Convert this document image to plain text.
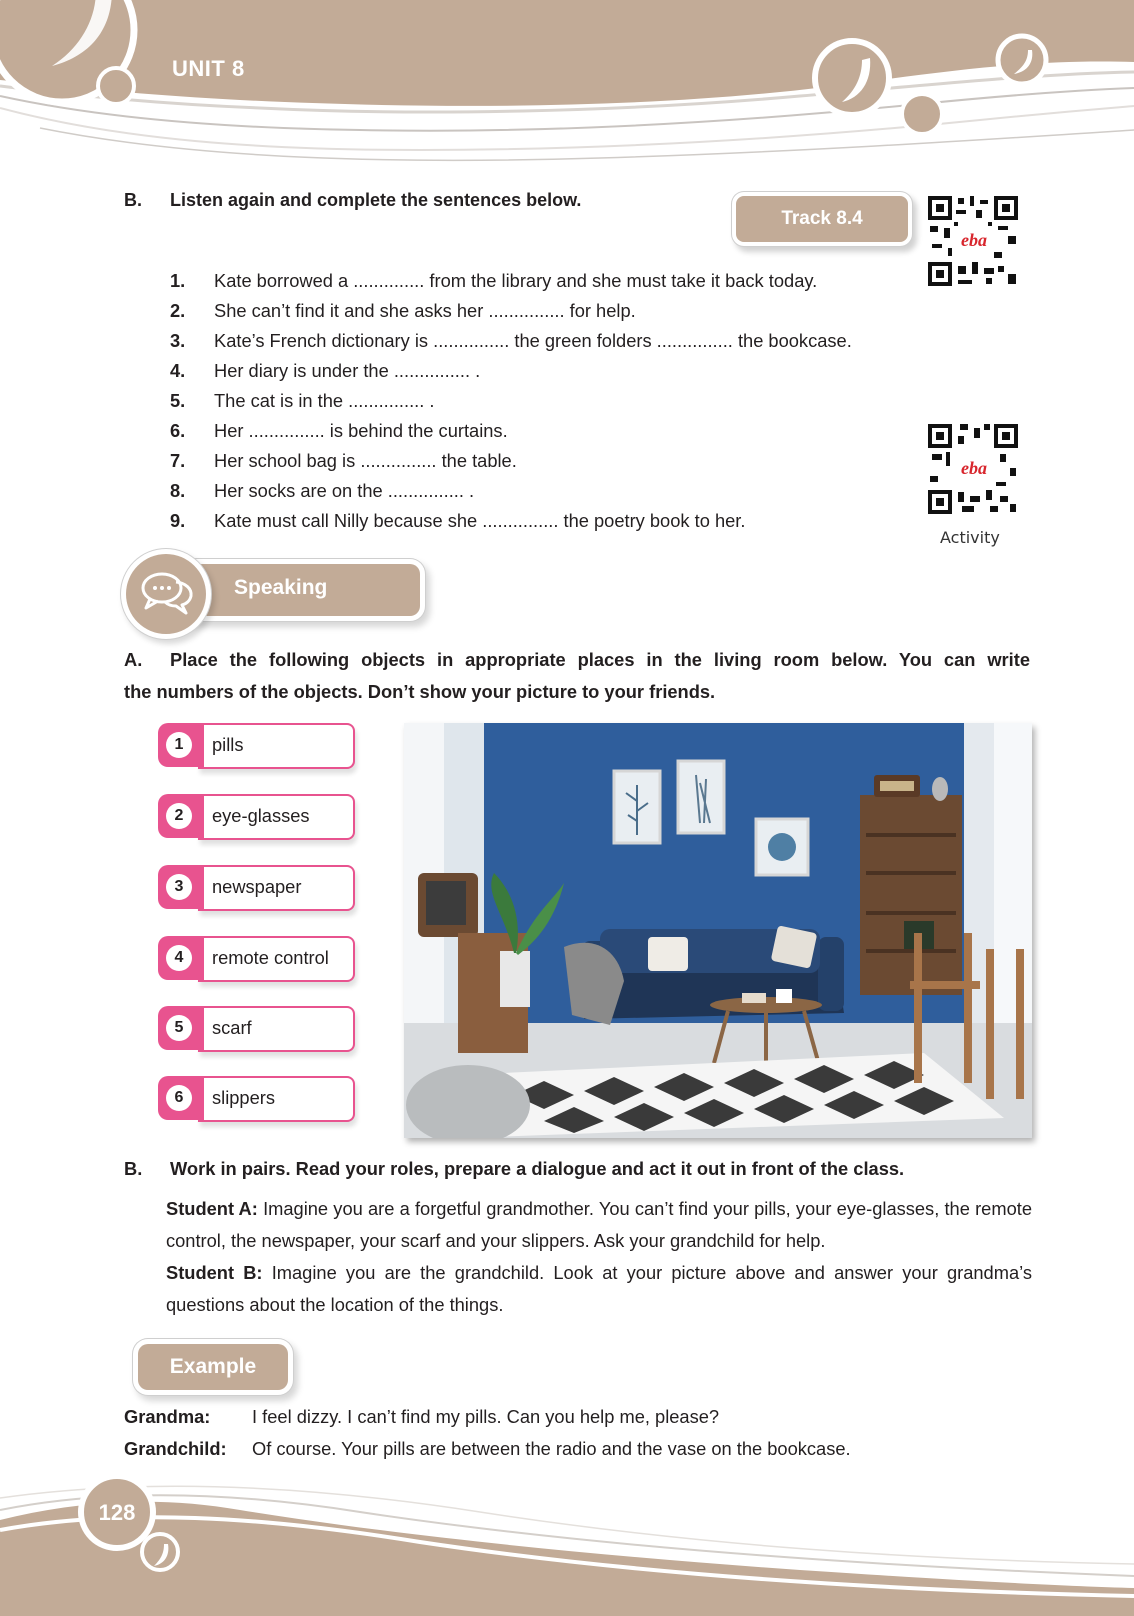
UNIT 8
B. Listen again and complete the sentences below.
Track 8.4
eba
1. Kate borrowed a .............. from the library and she must take it back today.
2. She can’t find it and she asks her ............... for help.
3. Kate’s French dictionary is ............... the green folders ............... the bookcase.
4. Her diary is under the ............... .
5. The cat is in the ............... .
6. Her ............... is behind the curtains.
7. Her school bag is ............... the table.
8. Her socks are on the ............... .
9. Kate must call Nilly because she ............... the poetry book to her.
eba
Activity
Speaking
A.	Place the following objects in appropriate places in the living room below. You can write
the numbers of the objects. Don’t show your picture to your friends.
1	pills
2	eye-glasses
3	newspaper
4	remote control
5	scarf
6	slippers
B. Work in pairs. Read your roles, prepare a dialogue and act it out in front of the class.
Student A: Imagine you are a forgetful grandmother. You can’t find your pills, your eye-glasses, the remote control, the newspaper, your scarf and your slippers. Ask your grandchild for help.
Student B: Imagine you are the grandchild. Look at your picture above and answer your grandma’s questions about the location of the things.
Example
Grandma: I feel dizzy. I can’t find my pills. Can you help me, please?
Grandchild: Of course. Your pills are between the radio and the vase on the bookcase.
128
